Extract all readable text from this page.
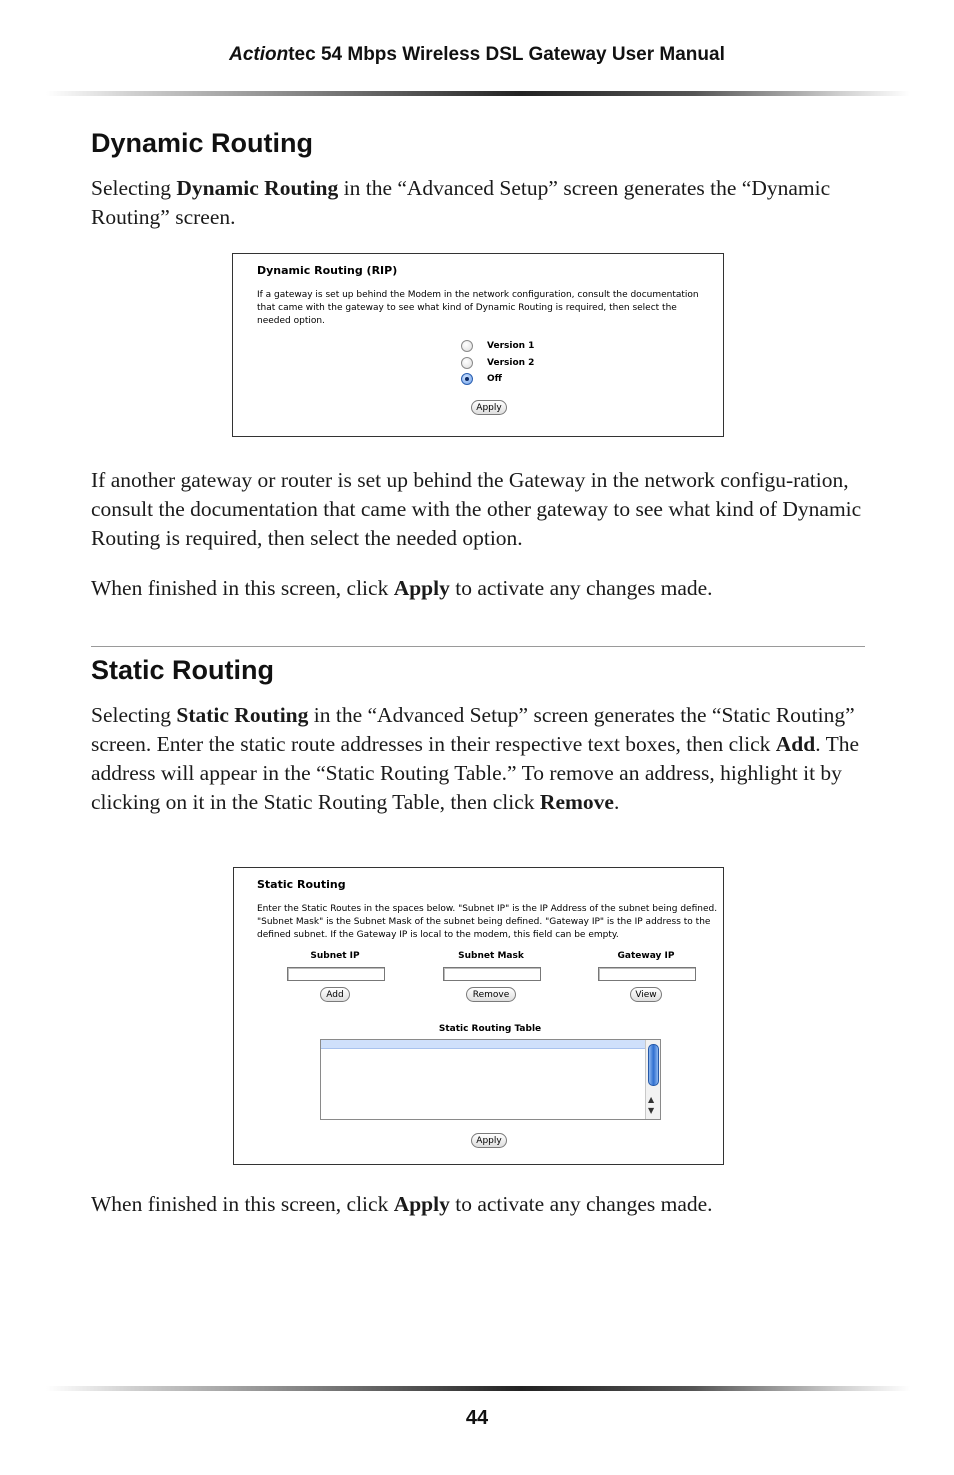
Actiontec 54 Mbps Wireless DSL Gateway User Manual
Dynamic Routing

Selecting Dynamic Routing in the “Advanced Setup” screen generates the “Dynamic Routing” screen.

Dynamic Routing (RIP)
If a gateway is set up behind the Modem in the network configuration, consult the documentation that came with the gateway to see what kind of Dynamic Routing is required, then select the needed option.
Version 1
Version 2
Off
Apply

If another gateway or router is set up behind the Gateway in the network configu-ration, consult the documentation that came with the other gateway to see what kind of Dynamic Routing is required, then select the needed option.

When finished in this screen, click Apply to activate any changes made.

Static Routing

Selecting Static Routing in the “Advanced Setup” screen generates the “Static Routing” screen. Enter the static route addresses in their respective text boxes, then click Add. The address will appear in the “Static Routing Table.” To remove an address, highlight it by clicking on it in the Static Routing Table, then click Remove.

Static Routing
Enter the Static Routes in the spaces below. "Subnet IP" is the IP Address of the subnet being defined. "Subnet Mask" is the Subnet Mask of the subnet being defined. "Gateway IP" is the IP address to the defined subnet. If the Gateway IP is local to the modem, this field can be empty.
Subnet IP	Subnet Mask	Gateway IP
Add	Remove	View
Static Routing Table
▲
▼
Apply

When finished in this screen, click Apply to activate any changes made.

44
